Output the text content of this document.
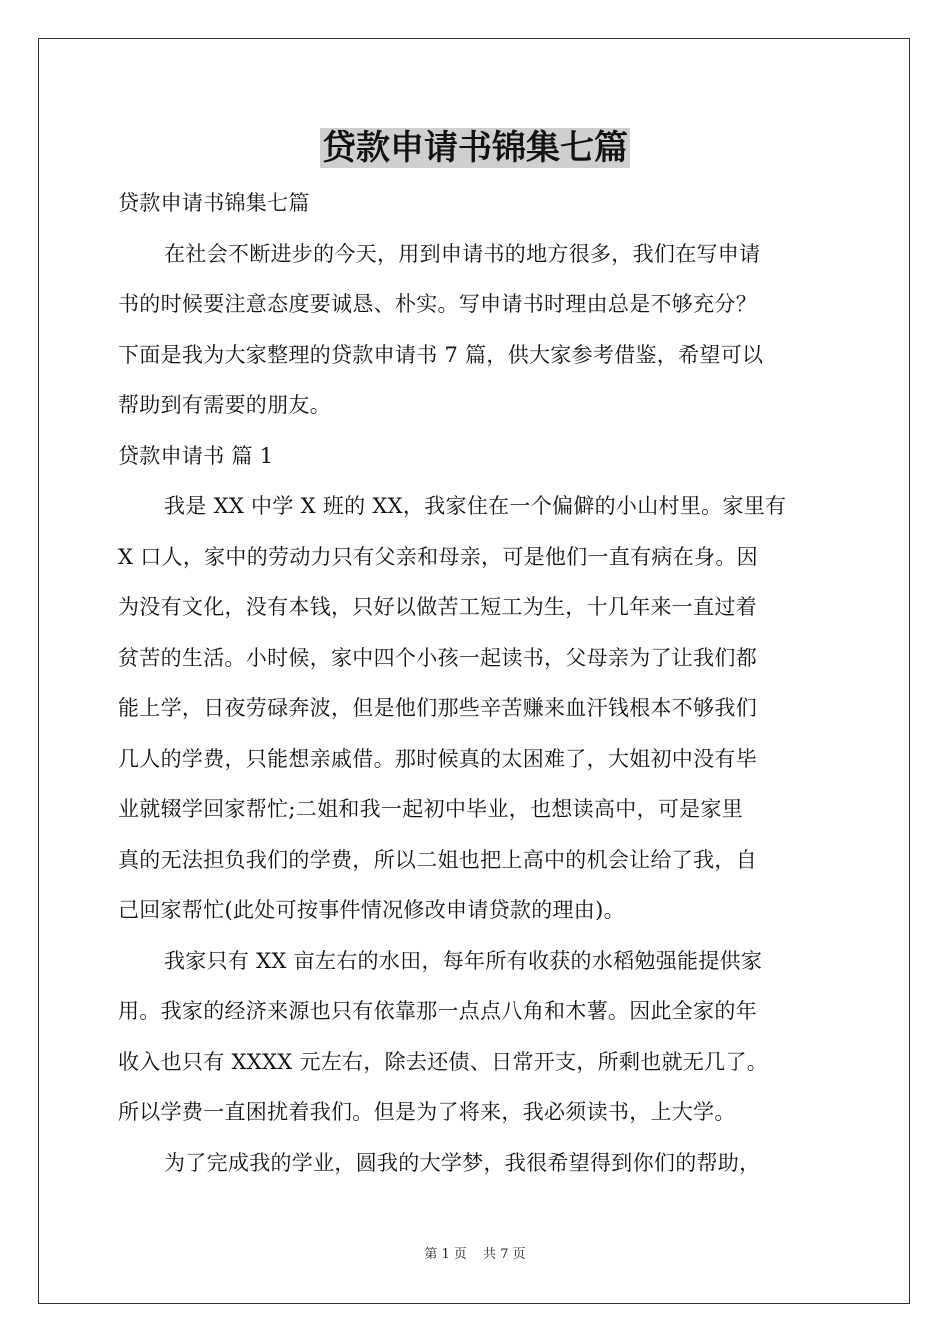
贷款申请书锦集七篇
贷款申请书锦集七篇
在社会不断进步的今天，用到申请书的地方很多，我们在写申请
书的时候要注意态度要诚恳、朴实。写申请书时理由总是不够充分？
下面是我为大家整理的贷款申请书 7 篇，供大家参考借鉴，希望可以
帮助到有需要的朋友。
贷款申请书 篇 1
我是 XX 中学 X 班的 XX，我家住在一个偏僻的小山村里。家里有
X 口人，家中的劳动力只有父亲和母亲，可是他们一直有病在身。因
为没有文化，没有本钱，只好以做苦工短工为生，十几年来一直过着
贫苦的生活。小时候，家中四个小孩一起读书，父母亲为了让我们都
能上学，日夜劳碌奔波，但是他们那些辛苦赚来血汗钱根本不够我们
几人的学费，只能想亲戚借。那时候真的太困难了，大姐初中没有毕
业就辍学回家帮忙;二姐和我一起初中毕业，也想读高中，可是家里
真的无法担负我们的学费，所以二姐也把上高中的机会让给了我，自
己回家帮忙(此处可按事件情况修改申请贷款的理由)。
我家只有 XX 亩左右的水田，每年所有收获的水稻勉强能提供家
用。我家的经济来源也只有依靠那一点点八角和木薯。因此全家的年
收入也只有 XXXX 元左右，除去还债、日常开支，所剩也就无几了。
所以学费一直困扰着我们。但是为了将来，我必须读书，上大学。
为了完成我的学业，圆我的大学梦，我很希望得到你们的帮助，
第 1 页 共 7 页
